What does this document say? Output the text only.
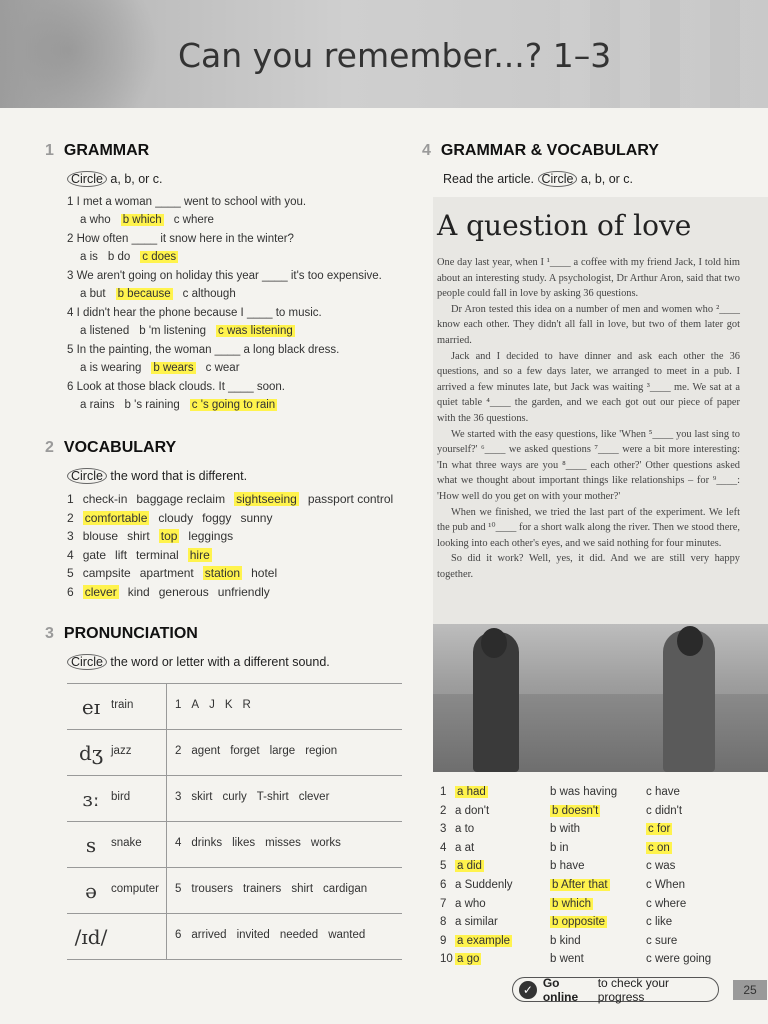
Can you remember...? 1–3
1 GRAMMAR
Circle a, b, or c.
1 I met a woman ____ went to school with you.
a who b which c where
2 How often ____ it snow here in the winter?
a is b do c does
3 We aren't going on holiday this year ____ it's too expensive.
a but b because c although
4 I didn't hear the phone because I ____ to music.
a listened b 'm listening c was listening
5 In the painting, the woman ____ a long black dress.
a is wearing b wears c wear
6 Look at those black clouds. It ____ soon.
a rains b 's raining c 's going to rain
2 VOCABULARY
Circle the word that is different.
1 check-in baggage reclaim sightseeing passport control
2 comfortable cloudy foggy sunny
3 blouse shirt top leggings
4 gate lift terminal hire
5 campsite apartment station hotel
6 clever kind generous unfriendly
3 PRONUNCIATION
Circle the word or letter with a different sound.
eɪ train	1 A J K R
dʒ jazz	2 agent forget large region
ɜː	bird	3 skirt curly T-shirt clever
s	snake	4 drinks likes misses works
ə	computer 5 trousers trainers shirt cardigan
/ɪd/	6 arrived invited needed wanted
4 GRAMMAR & VOCABULARY
Read the article. Circle a, b, or c.
A question of love

One day last year, when I ¹____ a coffee with my friend Jack, I told him about an interesting study. A psychologist, Dr Arthur Aron, said that two people could fall in love by asking 36 questions.

Dr Aron tested this idea on a number of men and women who ²____ know each other. They didn't all fall in love, but two of them later got married.

Jack and I decided to have dinner and ask each other the 36 questions, and so a few days later, we arranged to meet in a pub. I arrived a few minutes late, but Jack was waiting ³____ me. We sat at a quiet table ⁴____ the garden, and we each got out our piece of paper with the 36 questions.

We started with the easy questions, like 'When ⁵____ you last sing to yourself?' ⁶____ we asked questions ⁷____ were a bit more interesting: 'In what three ways are you ⁸____ each other?' Other questions asked what we thought about important things like relationships – for ⁹____: 'How well do you get on with your mother?'

When we finished, we tried the last part of the experiment. We left the pub and ¹⁰____ for a short walk along the river. Then we stood there, looking into each other's eyes, and we said nothing for four minutes.

So did it work? Well, yes, it did. And we are still very happy together.

1 a had	b was having	c have
2 a don't	b doesn't	c didn't
3 a to	b with	c for
4 a at	b in	c on
5 a did	b have	c was
6 a Suddenly	b After that	c When
7 a who	b which	c where
8 a similar	b opposite	c like
9 a example	b kind	c sure
10 a go	b went	c were going
✓ Go online
to check your progress	25
